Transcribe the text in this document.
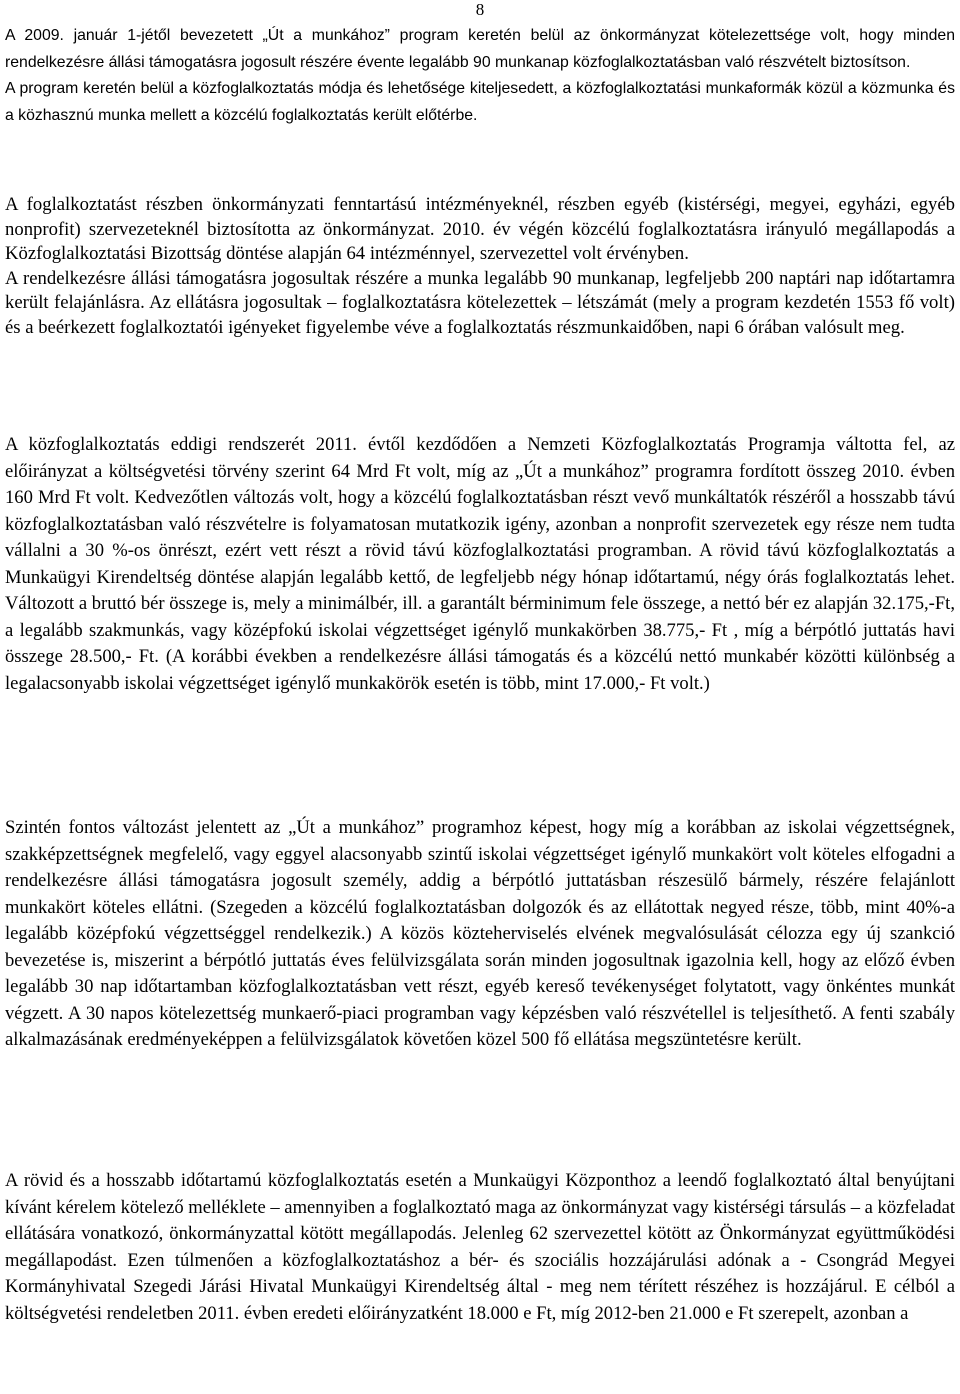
8

A 2009. január 1-jétől bevezetett „Út a munkához” program keretén belül az önkormányzat kötelezettsége volt, hogy minden rendelkezésre állási támogatásra jogosult részére évente legalább 90 munkanap közfoglalkoztatásban való részvételt biztosítson.

A program keretén belül a közfoglalkoztatás módja és lehetősége kiteljesedett, a közfoglalkoztatási munkaformák közül a közmunka és a közhasznú munka mellett a közcélú foglalkoztatás került előtérbe.

A foglalkoztatást részben önkormányzati fenntartású intézményeknél, részben egyéb (kistérségi, megyei, egyházi, egyéb nonprofit) szervezeteknél biztosította az önkormányzat. 2010. év végén közcélú foglalkoztatásra irányuló megállapodás a Közfoglalkoztatási Bizottság döntése alapján 64 intézménnyel, szervezettel volt érvényben.

A rendelkezésre állási támogatásra jogosultak részére a munka legalább 90 munkanap, legfeljebb 200 naptári nap időtartamra került felajánlásra. Az ellátásra jogosultak – foglalkoztatásra kötelezettek – létszámát (mely a program kezdetén 1553 fő volt) és a beérkezett foglalkoztatói igényeket figyelembe véve a foglalkoztatás részmunkaidőben, napi 6 órában valósult meg.

A közfoglalkoztatás eddigi rendszerét 2011. évtől kezdődően a Nemzeti Közfoglalkoztatás Programja váltotta fel, az előirányzat a költségvetési törvény szerint 64 Mrd Ft volt, míg az „Út a munkához” programra fordított összeg 2010. évben 160 Mrd Ft volt. Kedvezőtlen változás volt, hogy a közcélú foglalkoztatásban részt vevő munkáltatók részéről a hosszabb távú közfoglalkoztatásban való részvételre is folyamatosan mutatkozik igény, azonban a nonprofit szervezetek egy része nem tudta vállalni a 30 %-os önrészt, ezért vett részt a rövid távú közfoglalkoztatási programban. A rövid távú közfoglalkoztatás a Munkaügyi Kirendeltség döntése alapján legalább kettő, de legfeljebb négy hónap időtartamú, négy órás foglalkoztatás lehet. Változott a bruttó bér összege is, mely a minimálbér, ill. a garantált bérminimum fele összege, a nettó bér ez alapján 32.175,-Ft, a legalább szakmunkás, vagy középfokú iskolai végzettséget igénylő munkakörben 38.775,- Ft , míg a bérpótló juttatás havi összege 28.500,- Ft. (A korábbi években a rendelkezésre állási támogatás és a közcélú nettó munkabér közötti különbség a legalacsonyabb iskolai végzettséget igénylő munkakörök esetén is több, mint 17.000,- Ft volt.)

Szintén fontos változást jelentett az „Út a munkához” programhoz képest, hogy míg a korábban az iskolai végzettségnek, szakképzettségnek megfelelő, vagy eggyel alacsonyabb szintű iskolai végzettséget igénylő munkakört volt köteles elfogadni a rendelkezésre állási támogatásra jogosult személy, addig a bérpótló juttatásban részesülő bármely, részére felajánlott munkakört köteles ellátni. (Szegeden a közcélú foglalkoztatásban dolgozók és az ellátottak negyed része, több, mint 40%-a legalább középfokú végzettséggel rendelkezik.) A közös közteherviselés elvének megvalósulását célozza egy új szankció bevezetése is, miszerint a bérpótló juttatás éves felülvizsgálata során minden jogosultnak igazolnia kell, hogy az előző évben legalább 30 nap időtartamban közfoglalkoztatásban vett részt, egyéb kereső tevékenységet folytatott, vagy önkéntes munkát végzett. A 30 napos kötelezettség munkaerő-piaci programban vagy képzésben való részvétellel is teljesíthető. A fenti szabály alkalmazásának eredményeképpen a felülvizsgálatok követően közel 500 fő ellátása megszüntetésre került.

A rövid és a hosszabb időtartamú közfoglalkoztatás esetén a Munkaügyi Központhoz a leendő foglalkoztató által benyújtani kívánt kérelem kötelező melléklete – amennyiben a foglalkoztató maga az önkormányzat vagy kistérségi társulás – a közfeladat ellátására vonatkozó, önkormányzattal kötött megállapodás. Jelenleg 62 szervezettel kötött az Önkormányzat együttműködési megállapodást. Ezen túlmenően a közfoglalkoztatáshoz a bér- és szociális hozzájárulási adónak a - Csongrád Megyei Kormányhivatal Szegedi Járási Hivatal Munkaügyi Kirendeltség által - meg nem térített részéhez is hozzájárul. E célból a költségvetési rendeletben 2011. évben eredeti előirányzatként 18.000 e Ft, míg 2012-ben 21.000 e Ft szerepelt, azonban a
